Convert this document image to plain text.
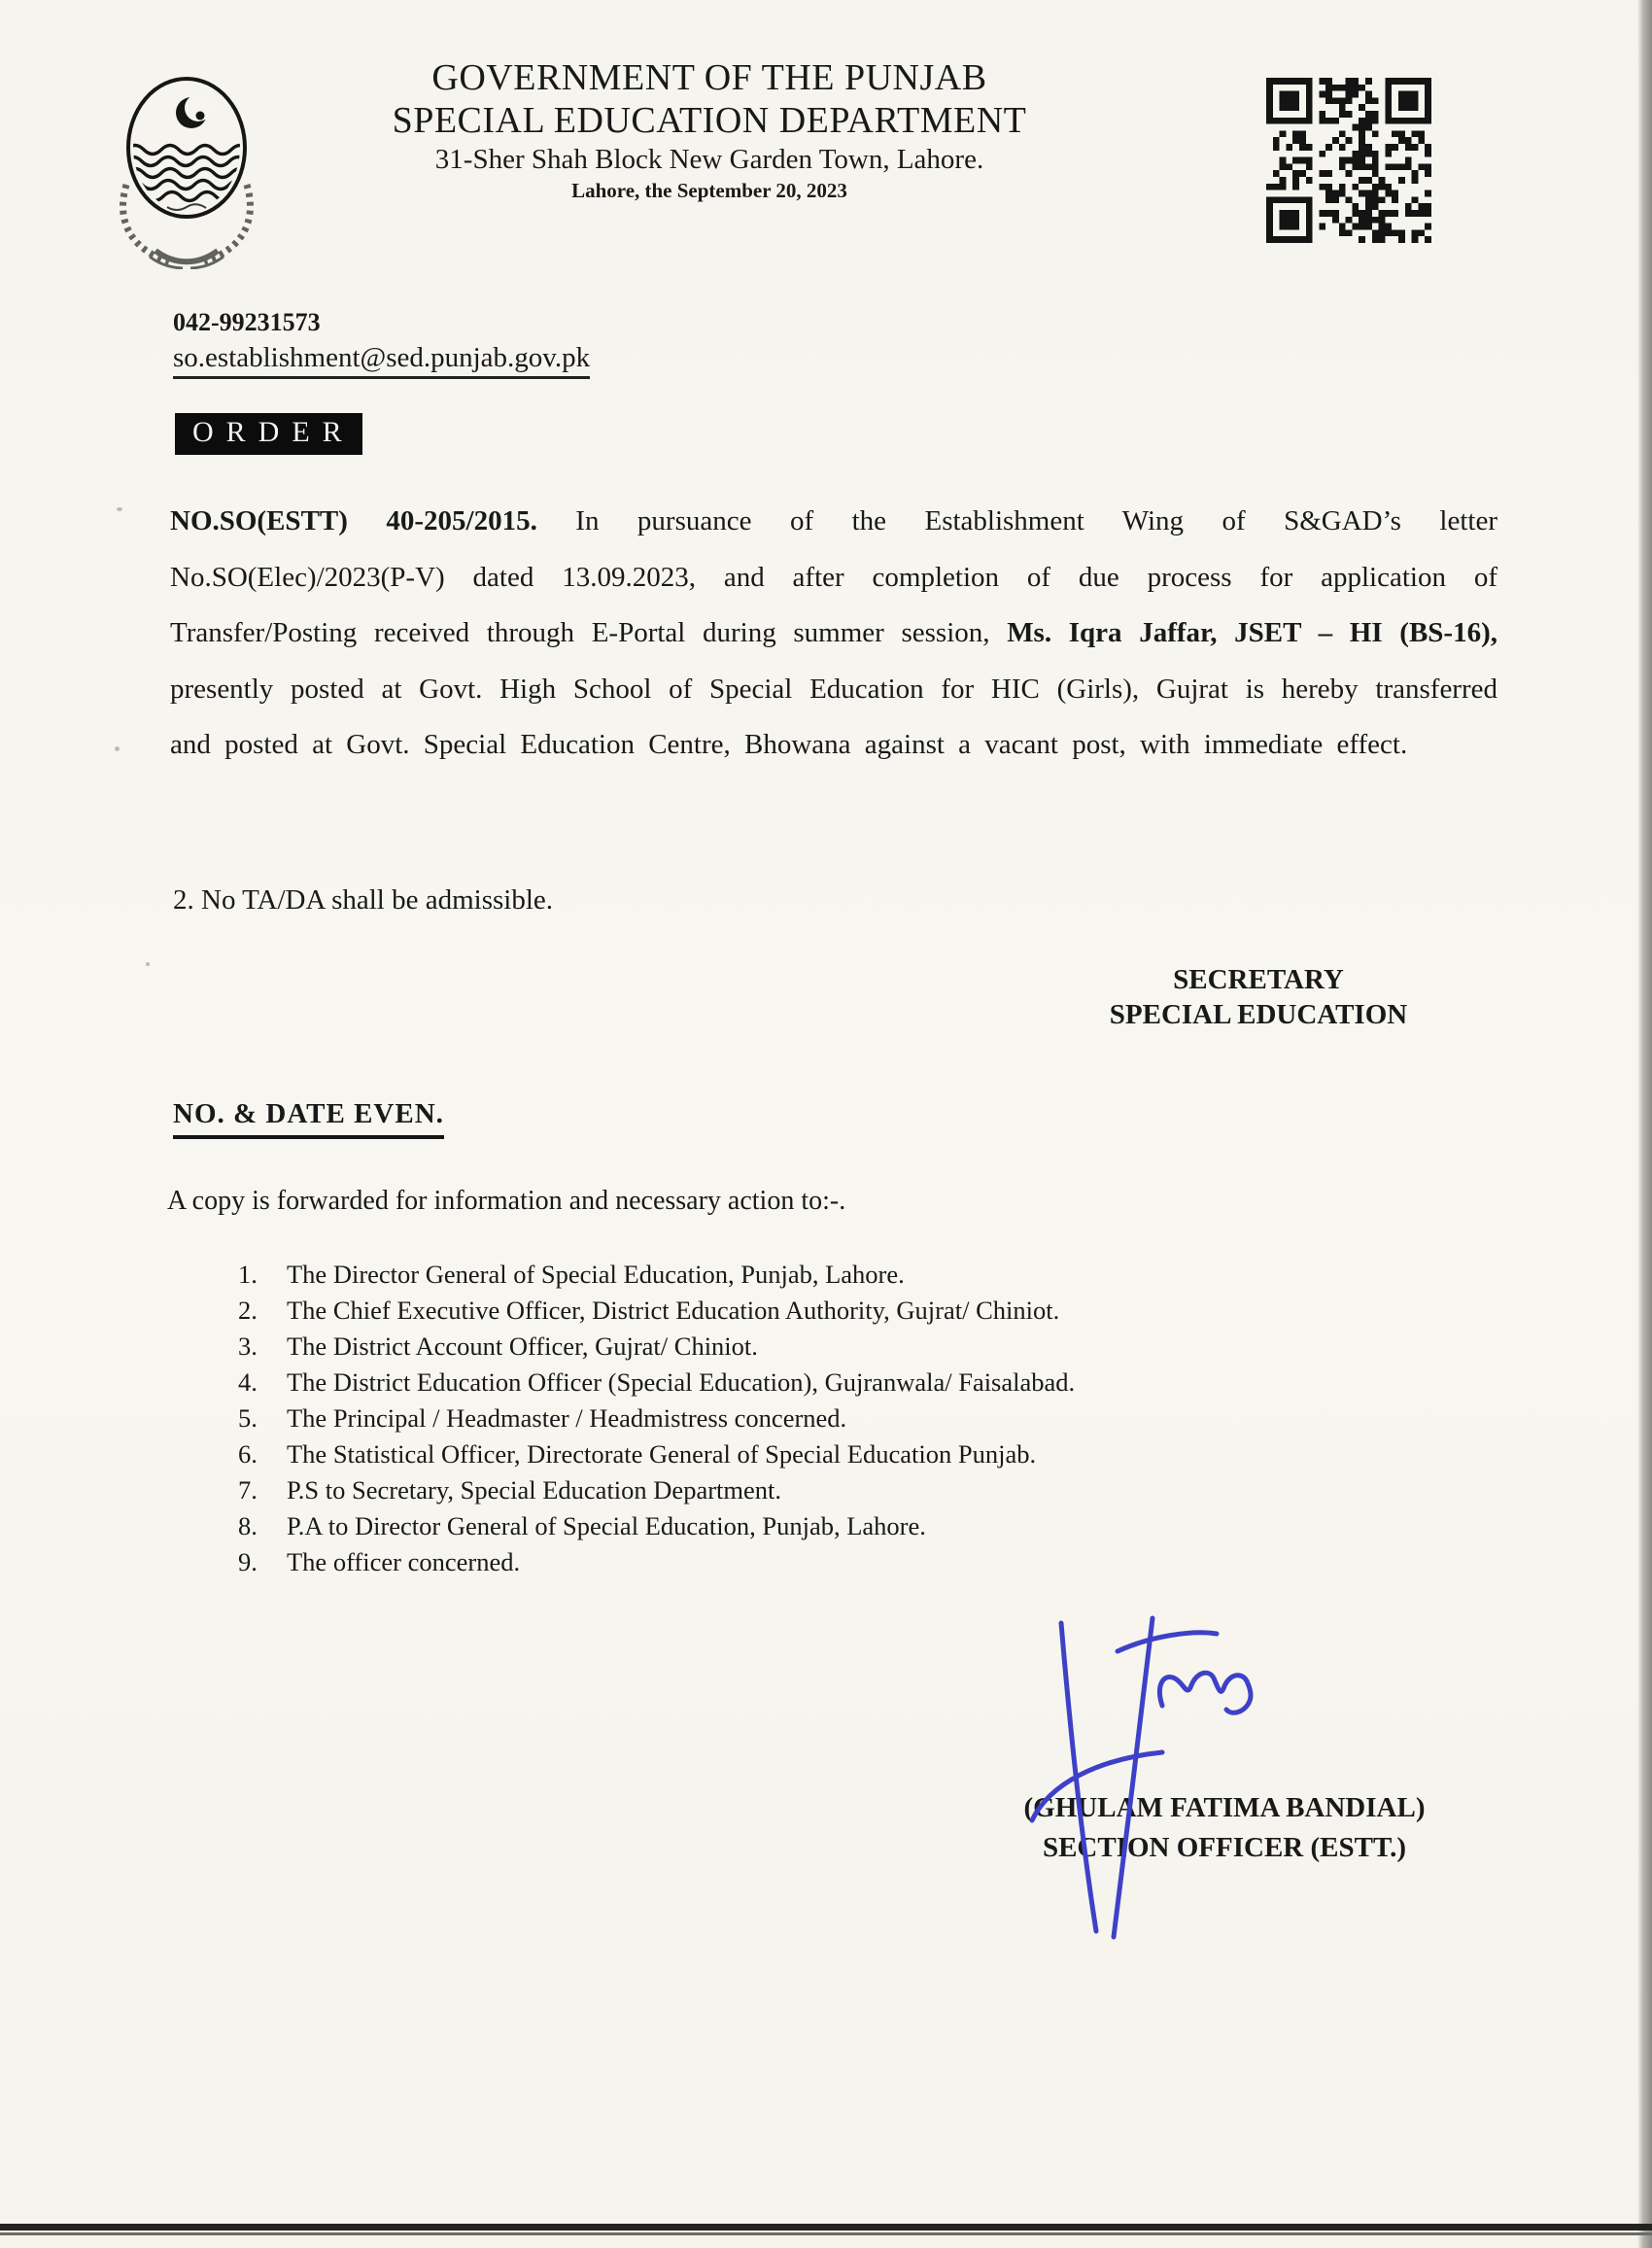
GOVERNMENT OF THE PUNJAB
SPECIAL EDUCATION DEPARTMENT
31-Sher Shah Block New Garden Town, Lahore.
Lahore, the September 20, 2023
042-99231573
so.establishment@sed.punjab.gov.pk
ORDER

NO.SO(ESTT) 40-205/2015. In pursuance of the Establishment Wing of S&GAD’s letter No.SO(Elec)/2023(P-V) dated 13.09.2023, and after completion of due process for application of Transfer/Posting received through E-Portal during summer session, Ms. Iqra Jaffar, JSET – HI (BS-16), presently posted at Govt. High School of Special Education for HIC (Girls), Gujrat is hereby transferred and posted at Govt. Special Education Centre, Bhowana against a vacant post, with immediate effect.

2. No TA/DA shall be admissible.

SECRETARY
SPECIAL EDUCATION
NO. & DATE EVEN.

A copy is forwarded for information and necessary action to:-.

1.	The Director General of Special Education, Punjab, Lahore.
2.	The Chief Executive Officer, District Education Authority, Gujrat/ Chiniot.
3.	The District Account Officer, Gujrat/ Chiniot.
4.	The District Education Officer (Special Education), Gujranwala/ Faisalabad.
5.	The Principal / Headmaster / Headmistress concerned.
6.	The Statistical Officer, Directorate General of Special Education Punjab.
7.	P.S to Secretary, Special Education Department.
8.	P.A to Director General of Special Education, Punjab, Lahore.
9.	The officer concerned.
(GHULAM FATIMA BANDIAL)
SECTION OFFICER (ESTT.)
